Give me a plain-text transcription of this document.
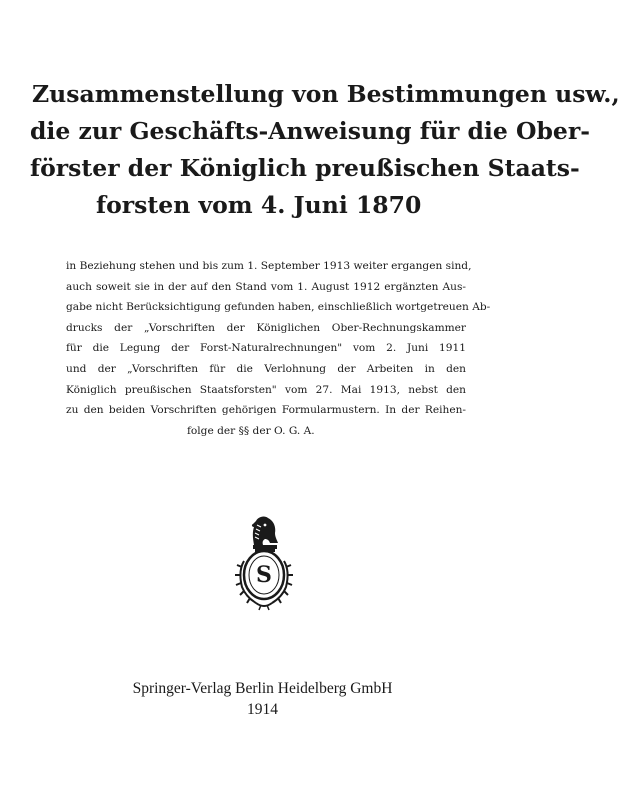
Zusammenstellung von Bestimmungen usw.,
die zur Geschäfts-Anweisung für die Ober-
förster der Königlich preußischen Staats-
forsten vom 4. Juni 1870
in Beziehung stehen und bis zum 1. September 1913 weiter ergangen sind,
auch soweit sie in der auf den Stand vom 1. August 1912 ergänzten Aus-
gabe nicht Berücksichtigung gefunden haben, einschließlich wortgetreuen Ab-
drucks der „Vorschriften der Königlichen Ober-Rechnungskammer
für die Legung der Forst-Naturalrechnungen" vom 2. Juni 1911
und der „Vorschriften für die Verlohnung der Arbeiten in den
Königlich preußischen Staatsforsten" vom 27. Mai 1913, nebst den
zu den beiden Vorschriften gehörigen Formularmustern. In der Reihen-
folge der §§ der O. G. A.
S
Springer-Verlag Berlin Heidelberg GmbH
1914
